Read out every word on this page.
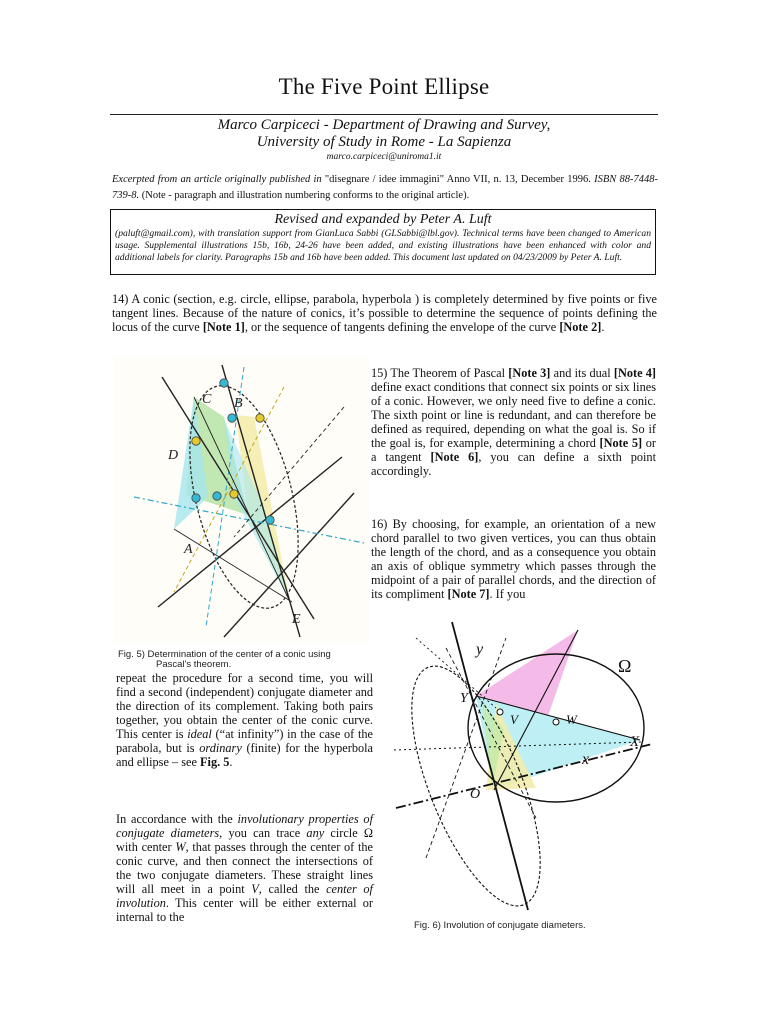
The Five Point Ellipse
Marco Carpiceci - Department of Drawing and Survey,
University of Study in Rome - La Sapienza
marco.carpiceci@uniroma1.it
Excerpted from an article originally published in "disegnare / idee immagini" Anno VII, n. 13, December 1996. ISBN 88-7448-739-8. (Note - paragraph and illustration numbering conforms to the original article).
Revised and expanded by Peter A. Luft
(paluft@gmail.com), with translation support from GianLuca Sabbi (GLSabbi@lbl.gov). Technical terms have been changed to American usage. Supplemental illustrations 15b, 16b, 24-26 have been added, and existing illustrations have been enhanced with color and additional labels for clarity. Paragraphs 15b and 16b have been added. This document last updated on 04/23/2009 by Peter A. Luft.
14) A conic (section, e.g. circle, ellipse, parabola, hyperbola ) is completely determined by five points or five tangent lines. Because of the nature of conics, it’s possible to determine the sequence of points defining the locus of the curve [Note 1], or the sequence of tangents defining the envelope of the curve [Note 2].
C B
D
A
E
Fig. 5) Determination of the center of a conic using
Pascal's theorem.
15) The Theorem of Pascal [Note 3] and its dual [Note 4] define exact conditions that connect six points or six lines of a conic. However, we only need five to define a conic. The sixth point or line is redundant, and can therefore be defined as required, depending on what the goal is. So if the goal is, for example, determining a chord [Note 5] or a tangent [Note 6], you can define a sixth point accordingly.
16) By choosing, for example, an orientation of a new chord parallel to two given vertices, you can thus obtain the length of the chord, and as a consequence you obtain an axis of oblique symmetry which passes through the midpoint of a pair of parallel chords, and the direction of its compliment [Note 7]. If you
repeat the procedure for a second time, you will find a second (independent) conjugate diameter and the direction of its complement. Taking both pairs together, you obtain the center of the conic curve. This center is ideal (“at infinity”) in the case of the parabola, but is ordinary (finite) for the hyperbola and ellipse – see Fig. 5.
In accordance with the involutionary properties of conjugate diameters, you can trace any circle Ω with center W, that passes through the center of the conic curve, and then connect the intersections of the two conjugate diameters. These straight lines will all meet in a point V, called the center of involution. This center will be either external or internal to the
y
Ω
Y
V	W
X
x
O
Fig. 6) Involution of conjugate diameters.
